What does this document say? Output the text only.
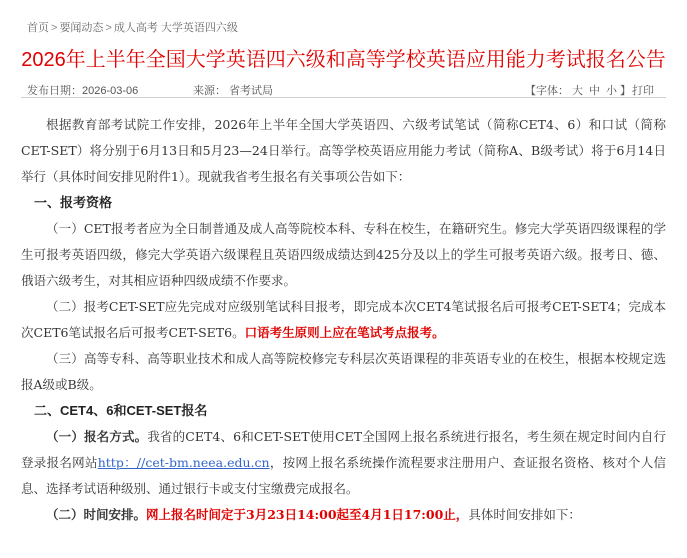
首页 > 要闻动态 > 成人高考 大学英语四六级
2026年上半年全国大学英语四六级和高等学校英语应用能力考试报名公告
发布日期：2026-03-06	来源： 省考试局	【字体： 大 中 小 】 打印

根据教育部考试院工作安排，2026年上半年全国大学英语四、六级考试笔试（简称CET4、6）和口试（简称CET-SET）将分别于6月13日和5月23—24日举行。高等学校英语应用能力考试（简称A、B级考试）将于6月14日举行（具体时间安排见附件1）。现就我省考生报名有关事项公告如下：

一、报考资格

（一）CET报考者应为全日制普通及成人高等院校本科、专科在校生，在籍研究生。修完大学英语四级课程的学生可报考英语四级，修完大学英语六级课程且英语四级成绩达到425分及以上的学生可报考英语六级。报考日、德、俄语六级考生，对其相应语种四级成绩不作要求。

（二）报考CET-SET应先完成对应级别笔试科目报考，即完成本次CET4笔试报名后可报考CET-SET4；完成本次CET6笔试报名后可报考CET-SET6。口语考生原则上应在笔试考点报考。

（三）高等专科、高等职业技术和成人高等院校修完专科层次英语课程的非英语专业的在校生，根据本校规定选报A级或B级。

二、CET4、6和CET-SET报名

（一）报名方式。我省的CET4、6和CET-SET使用CET全国网上报名系统进行报名，考生须在规定时间内自行登录报名网站http：//cet-bm.neea.edu.cn，按网上报名系统操作流程要求注册用户、查证报名资格、核对个人信息、选择考试语种级别、通过银行卡或支付宝缴费完成报名。

（二）时间安排。网上报名时间定于3月23日14:00起至4月1日17:00止，具体时间安排如下：
